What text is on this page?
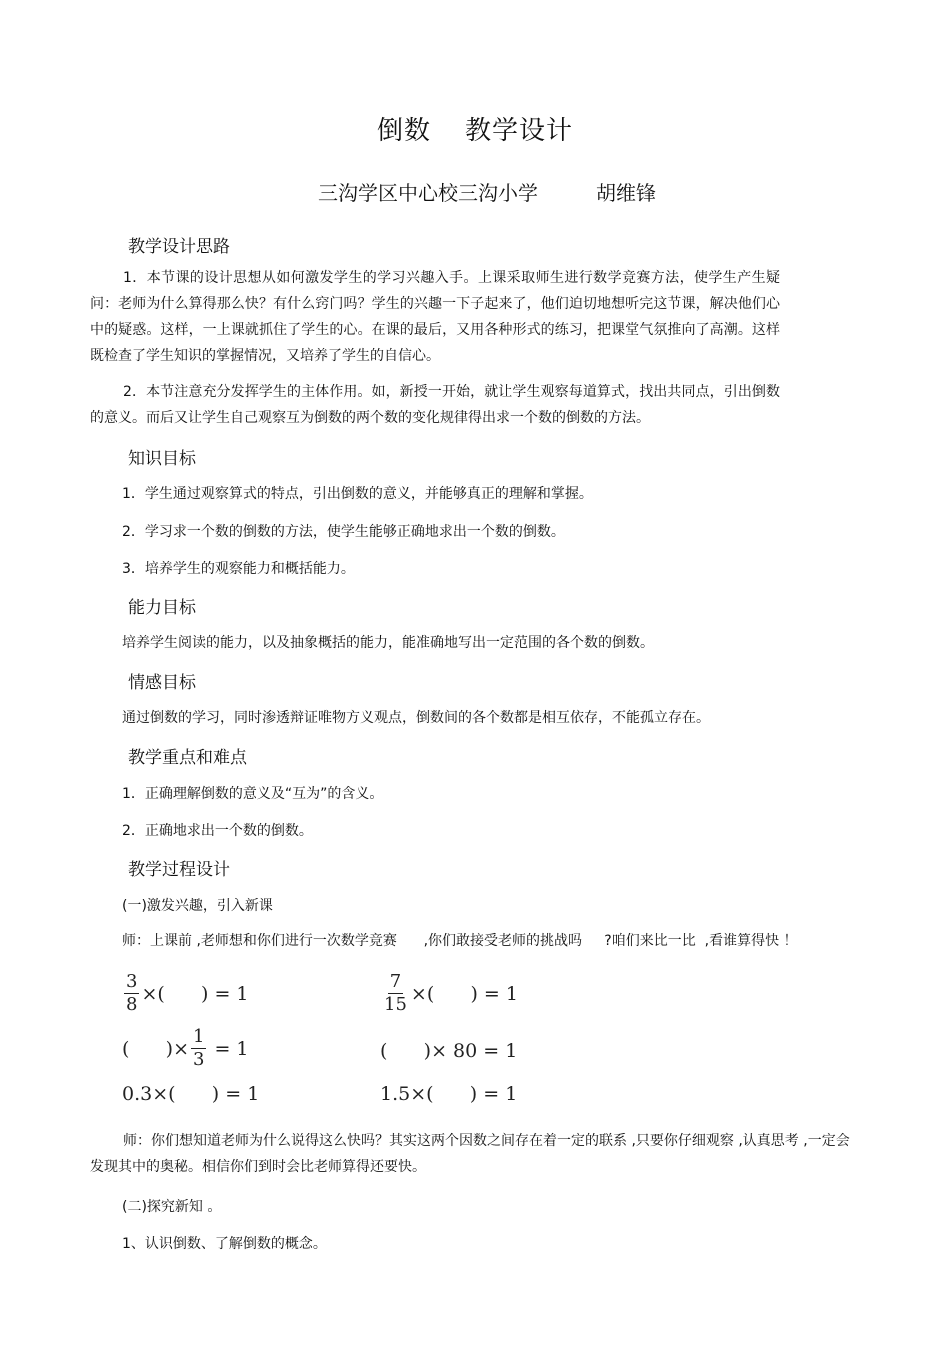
倒数 教学设计
三沟学区中心校三沟小学	胡维锋
教学设计思路
1．本节课的设计思想从如何激发学生的学习兴趣入手。上课采取师生进行数学竞赛方法，使学生产生疑问：老师为什么算得那么快？有什么窍门吗？学生的兴趣一下子起来了，他们迫切地想听完这节课，解决他们心中的疑惑。这样，一上课就抓住了学生的心。在课的最后，又用各种形式的练习，把课堂气氛推向了高潮。这样既检查了学生知识的掌握情况，又培养了学生的自信心。
2．本节注意充分发挥学生的主体作用。如，新授一开始，就让学生观察每道算式，找出共同点，引出倒数的意义。而后又让学生自己观察互为倒数的两个数的变化规律得出求一个数的倒数的方法。
知识目标
1．学生通过观察算式的特点，引出倒数的意义，并能够真正的理解和掌握。
2．学习求一个数的倒数的方法，使学生能够正确地求出一个数的倒数。
3．培养学生的观察能力和概括能力。
能力目标
培养学生阅读的能力，以及抽象概括的能力，能准确地写出一定范围的各个数的倒数。
情感目标
通过倒数的学习，同时渗透辩证唯物方义观点，倒数间的各个数都是相互依存，不能孤立存在。
教学重点和难点
1．正确理解倒数的意义及“互为”的含义。
2．正确地求出一个数的倒数。
教学过程设计
(一)激发兴趣，引入新课
师：上课前 ,老师想和你们进行一次数学竞赛      ,你们敢接受老师的挑战吗     ?咱们来比一比  ,看谁算得快 ！
$\frac{3}{8}$ ×(      ) = 1	$\frac{7}{15}$ ×(      ) = 1
(      )× $\frac{1}{3} = 1$	(      )× 80 = 1
0.3×(      ) = 1	1.5×(      ) = 1
师：你们想知道老师为什么说得这么快吗？其实这两个因数之间存在着一定的联系 ,只要你仔细观察 ,认真思考 ,一定会发现其中的奥秘。相信你们到时会比老师算得还要快。
(二)探究新知 。
1、认识倒数、了解倒数的概念。
